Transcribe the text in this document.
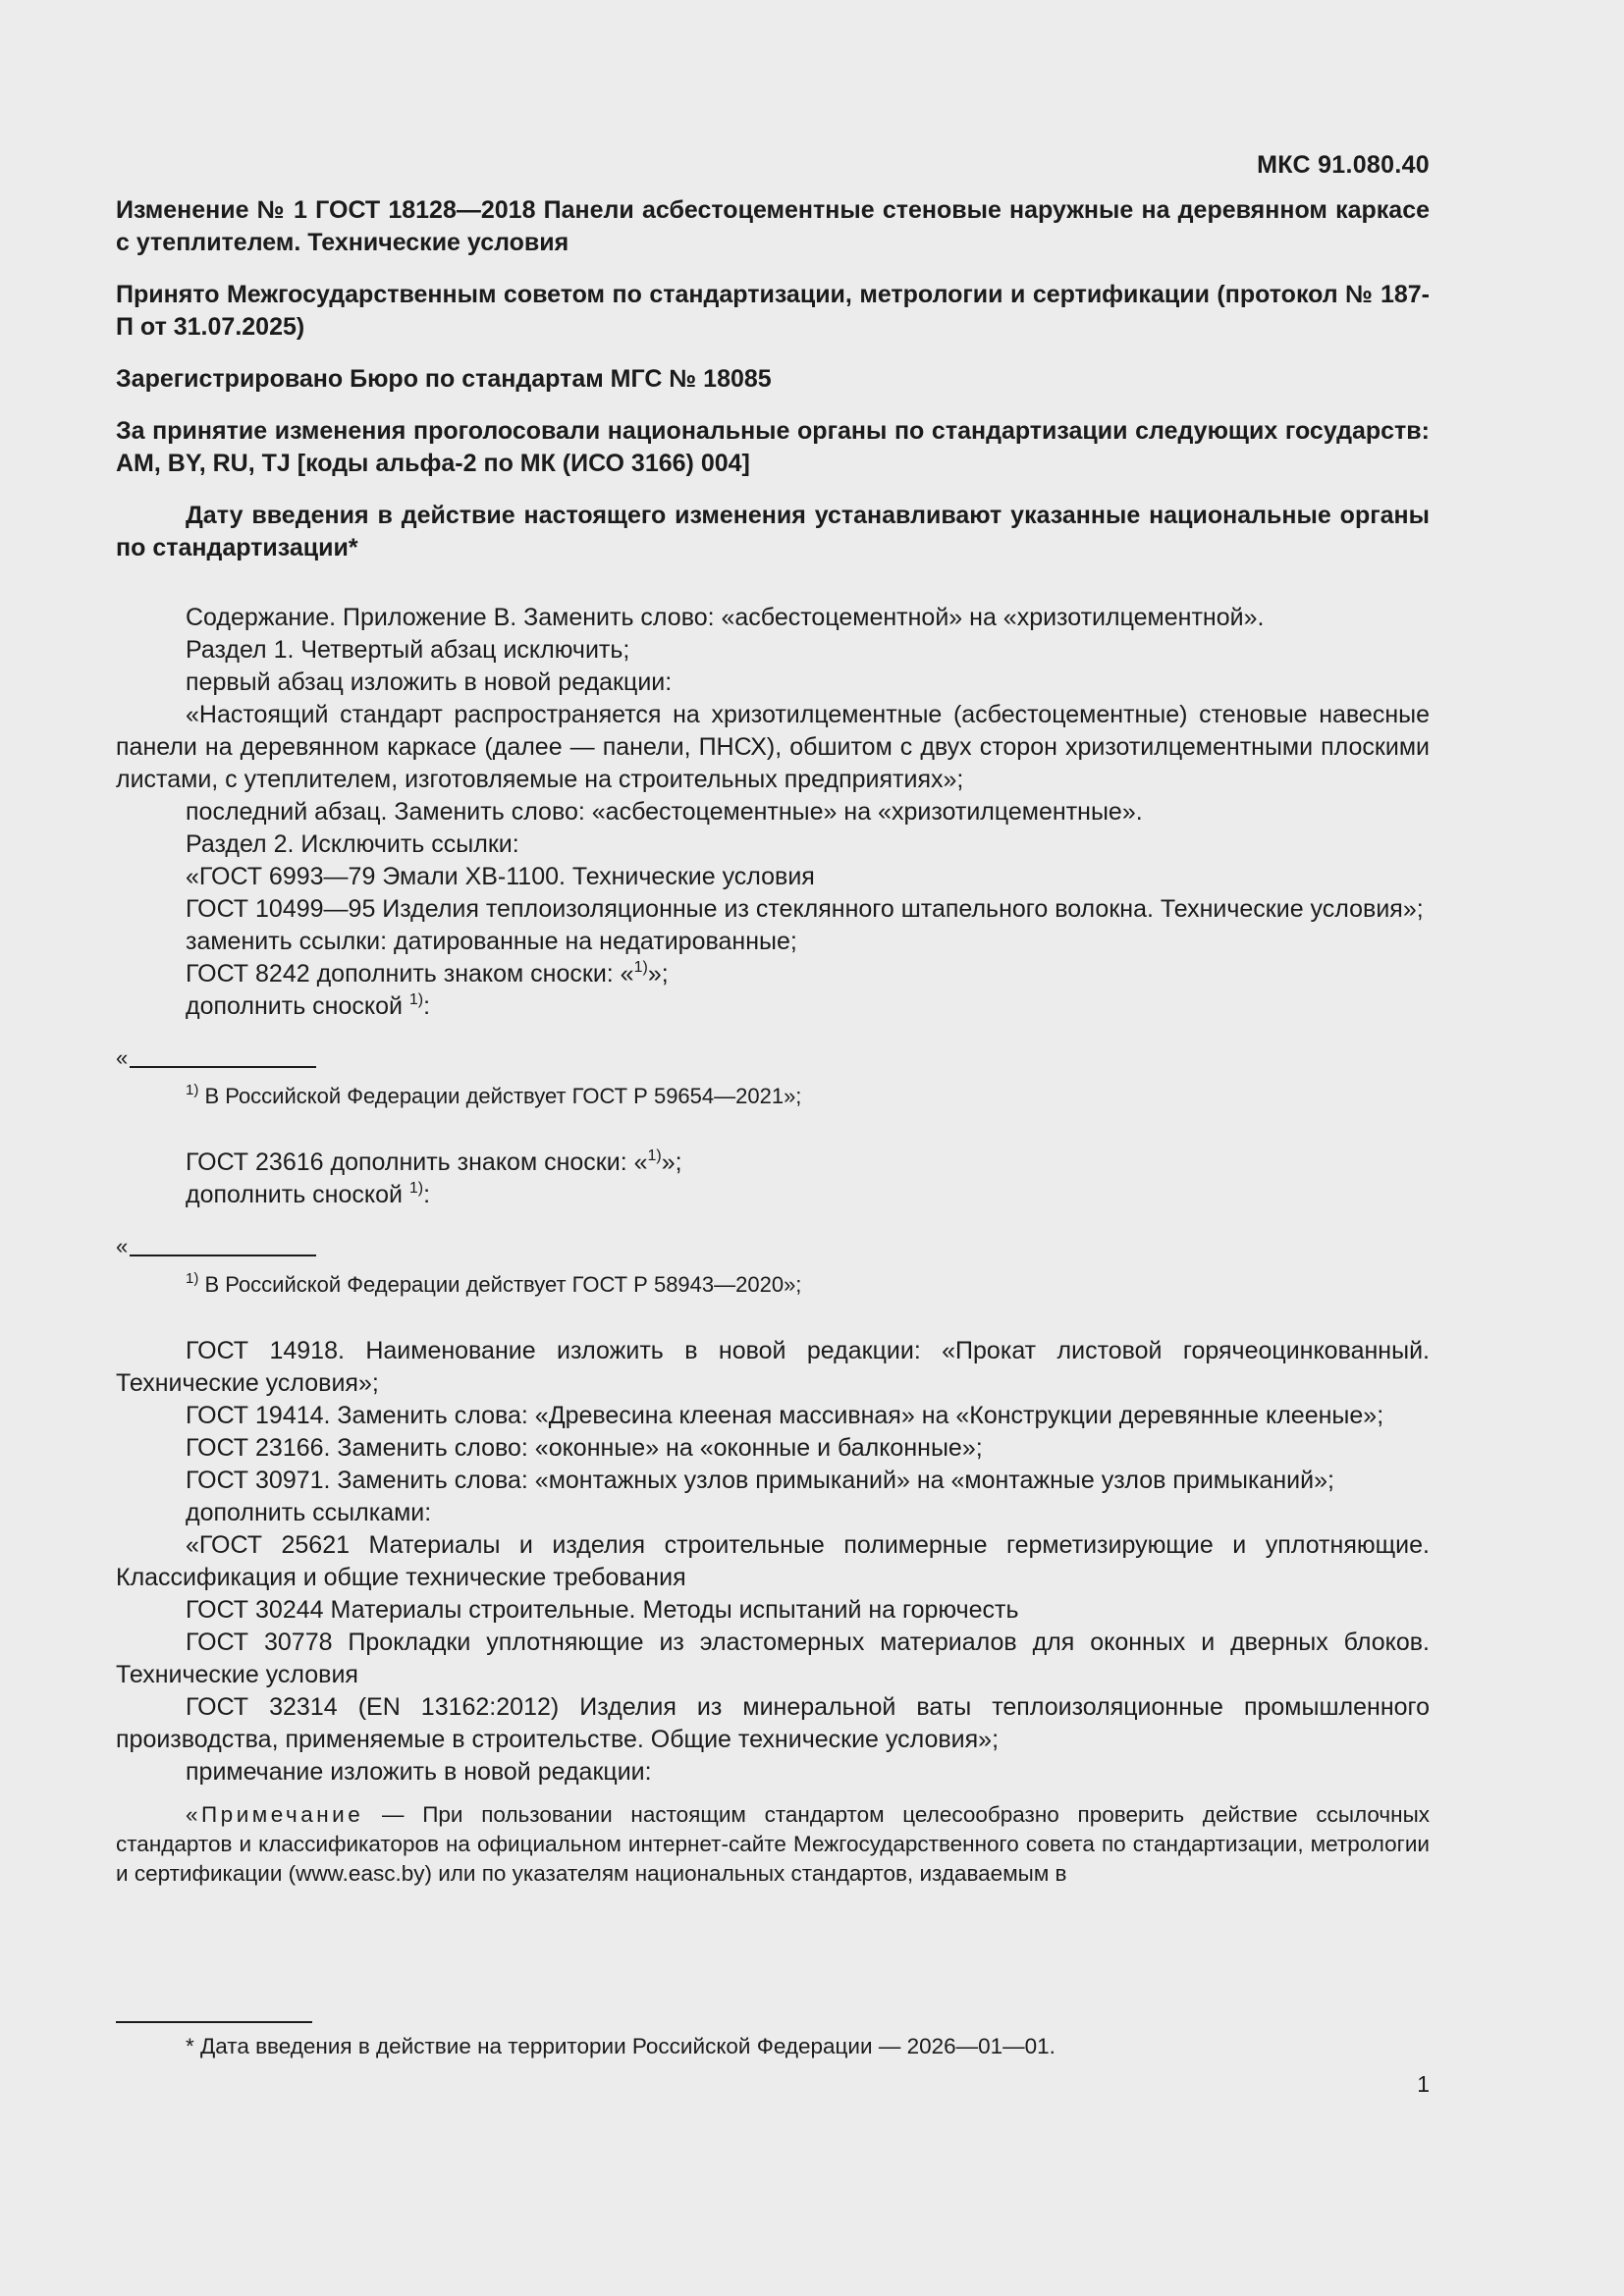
МКС 91.080.40
Изменение № 1 ГОСТ 18128—2018 Панели асбестоцементные стеновые наружные на деревянном каркасе с утеплителем. Технические условия
Принято Межгосударственным советом по стандартизации, метрологии и сертификации (протокол № 187-П от 31.07.2025)
Зарегистрировано Бюро по стандартам МГС № 18085
За принятие изменения проголосовали национальные органы по стандартизации следующих государств: AM, BY, RU, TJ [коды альфа-2 по МК (ИСО 3166) 004]
Дату введения в действие настоящего изменения устанавливают указанные национальные органы по стандартизации*

Содержание. Приложение В. Заменить слово: «асбестоцементной» на «хризотилцементной».

Раздел 1. Четвертый абзац исключить;

первый абзац изложить в новой редакции:

«Настоящий стандарт распространяется на хризотилцементные (асбестоцементные) стеновые навесные панели на деревянном каркасе (далее — панели, ПНСХ), обшитом с двух сторон хризотилцементными плоскими листами, с утеплителем, изготовляемые на строительных предприятиях»;

последний абзац. Заменить слово: «асбестоцементные» на «хризотилцементные».

Раздел 2. Исключить ссылки:

«ГОСТ 6993—79 Эмали ХВ-1100. Технические условия

ГОСТ 10499—95 Изделия теплоизоляционные из стеклянного штапельного волокна. Технические условия»;

заменить ссылки: датированные на недатированные;

ГОСТ 8242 дополнить знаком сноски: «$^{1)}$»;

дополнить сноской $^{1)}$:

«
$^{1)}$ В Российской Федерации действует ГОСТ Р 59654—2021»;

ГОСТ 23616 дополнить знаком сноски: «$^{1)}$»;

дополнить сноской $^{1)}$:

«
$^{1)}$ В Российской Федерации действует ГОСТ Р 58943—2020»;

ГОСТ 14918. Наименование изложить в новой редакции: «Прокат листовой горячеоцинкованный. Технические условия»;

ГОСТ 19414. Заменить слова: «Древесина клееная массивная» на «Конструкции деревянные клееные»;

ГОСТ 23166. Заменить слово: «оконные» на «оконные и балконные»;

ГОСТ 30971. Заменить слова: «монтажных узлов примыканий» на «монтажные узлов примыканий»;

дополнить ссылками:

«ГОСТ 25621 Материалы и изделия строительные полимерные герметизирующие и уплотняющие. Классификация и общие технические требования

ГОСТ 30244 Материалы строительные. Методы испытаний на горючесть

ГОСТ 30778 Прокладки уплотняющие из эластомерных материалов для оконных и дверных блоков. Технические условия

ГОСТ 32314 (EN 13162:2012) Изделия из минеральной ваты теплоизоляционные промышленного производства, применяемые в строительстве. Общие технические условия»;

примечание изложить в новой редакции:

«Примечание — При пользовании настоящим стандартом целесообразно проверить действие ссылочных стандартов и классификаторов на официальном интернет-сайте Межгосударственного совета по стандартизации, метрологии и сертификации (www.easc.by) или по указателям национальных стандартов, издаваемым в
* Дата введения в действие на территории Российской Федерации — 2026—01—01.
1
